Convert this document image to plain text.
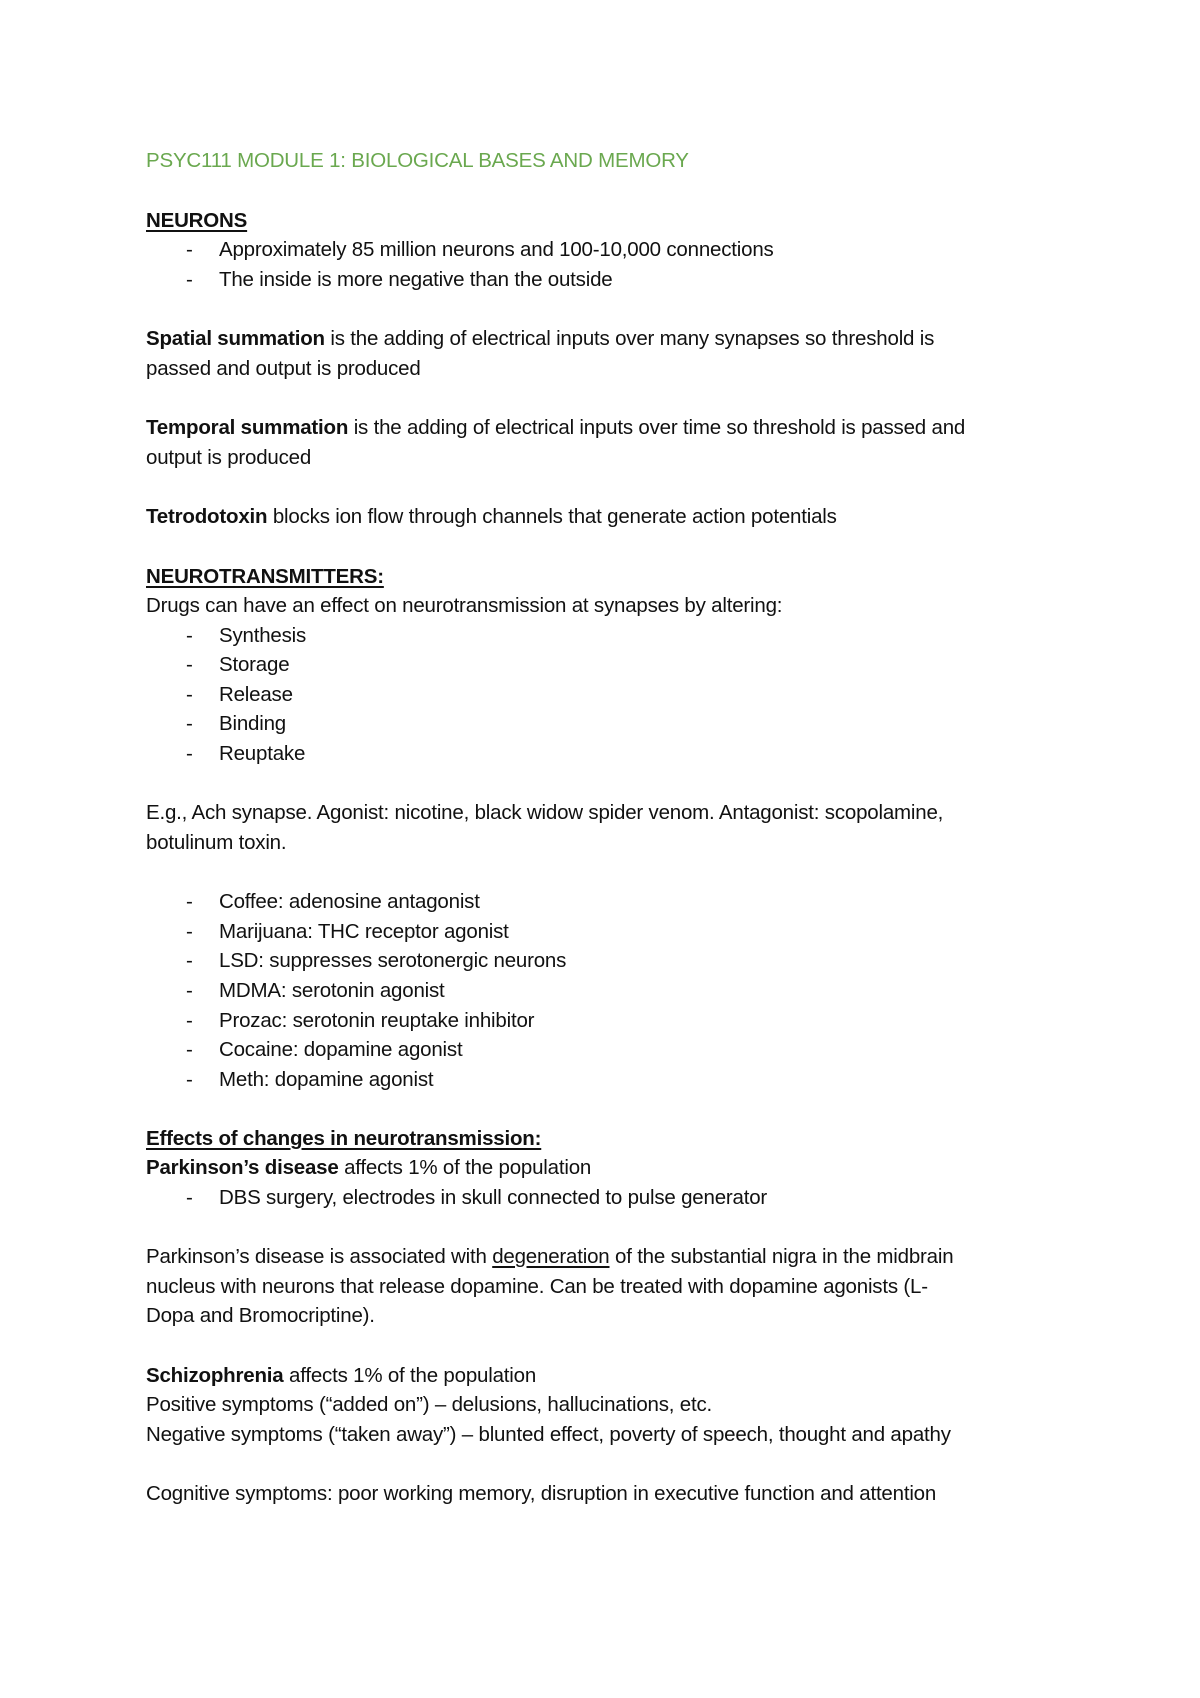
PSYC111 MODULE 1: BIOLOGICAL BASES AND MEMORY
NEURONS
- Approximately 85 million neurons and 100-10,000 connections
- The inside is more negative than the outside
Spatial summation is the adding of electrical inputs over many synapses so threshold is
passed and output is produced
Temporal summation is the adding of electrical inputs over time so threshold is passed and
output is produced
Tetrodotoxin blocks ion flow through channels that generate action potentials
NEUROTRANSMITTERS:
Drugs can have an effect on neurotransmission at synapses by altering:
- Synthesis
- Storage
- Release
- Binding
- Reuptake
E.g., Ach synapse. Agonist: nicotine, black widow spider venom. Antagonist: scopolamine,
botulinum toxin.
- Coffee: adenosine antagonist
- Marijuana: THC receptor agonist
- LSD: suppresses serotonergic neurons
- MDMA: serotonin agonist
- Prozac: serotonin reuptake inhibitor
- Cocaine: dopamine agonist
- Meth: dopamine agonist
Effects of changes in neurotransmission:
Parkinson’s disease affects 1% of the population
- DBS surgery, electrodes in skull connected to pulse generator
Parkinson’s disease is associated with degeneration of the substantial nigra in the midbrain
nucleus with neurons that release dopamine. Can be treated with dopamine agonists (L-
Dopa and Bromocriptine).
Schizophrenia affects 1% of the population
Positive symptoms (“added on”) – delusions, hallucinations, etc.
Negative symptoms (“taken away”) – blunted effect, poverty of speech, thought and apathy
Cognitive symptoms: poor working memory, disruption in executive function and attention
